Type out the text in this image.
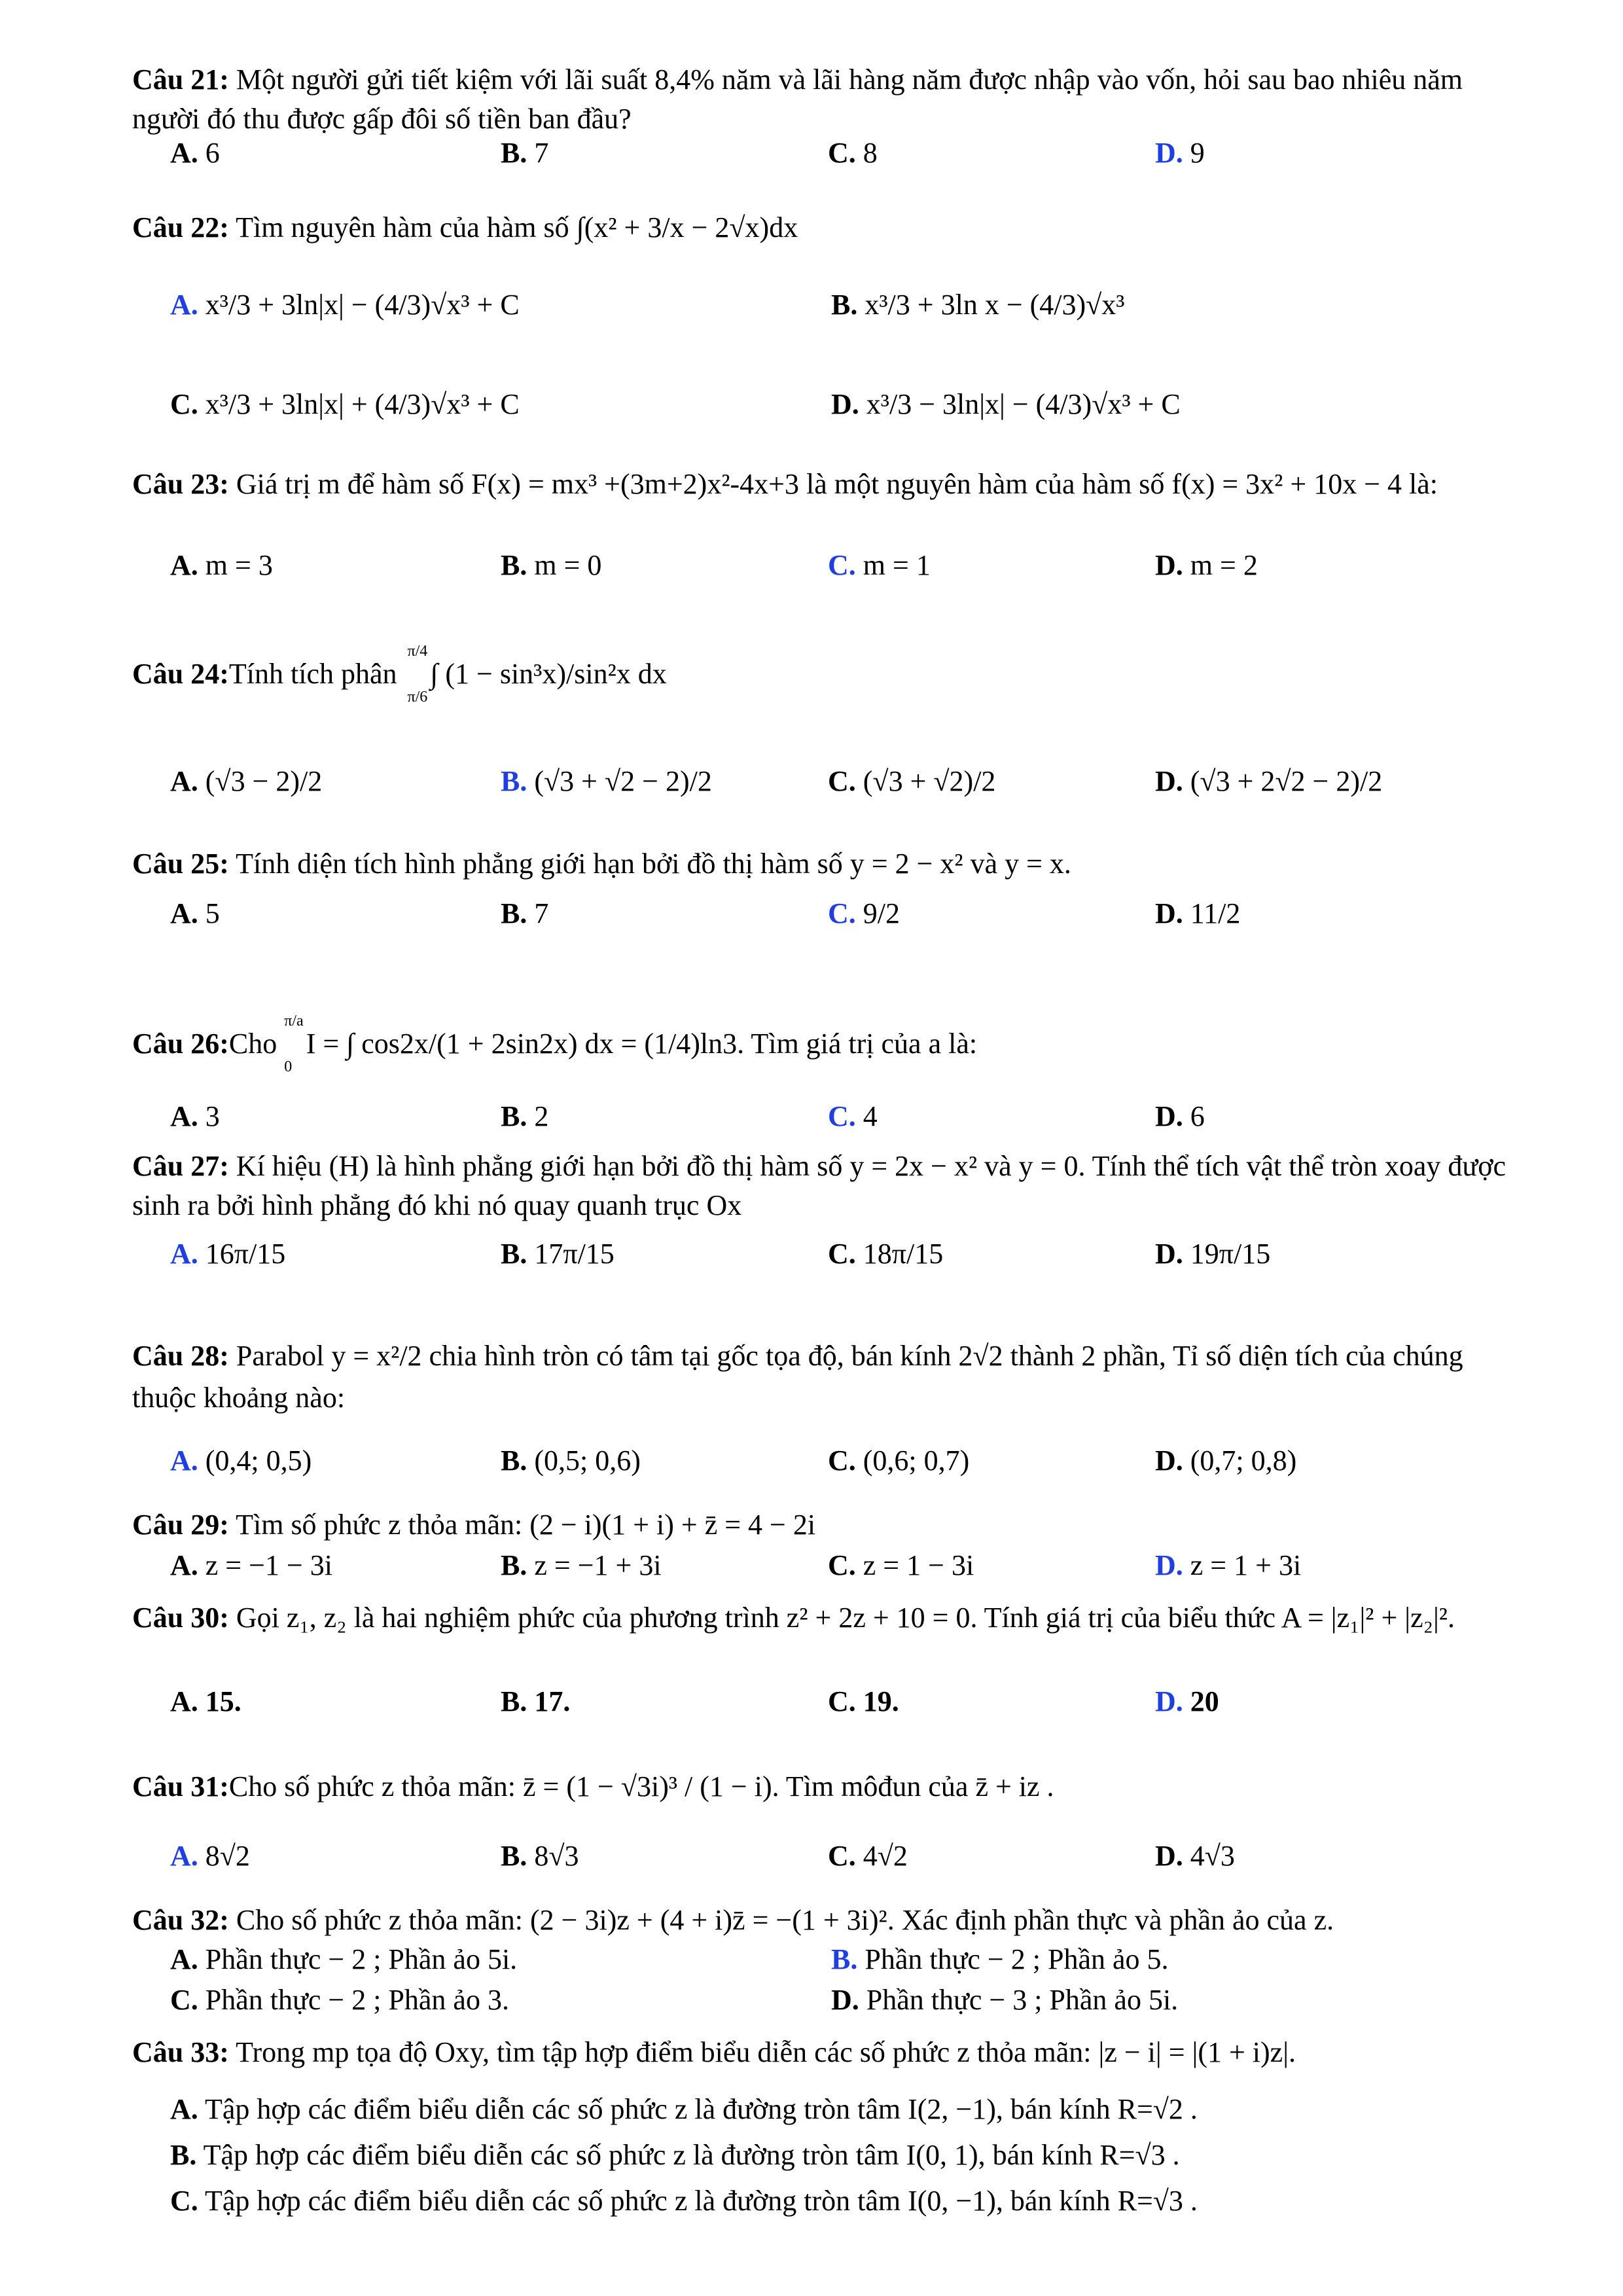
Câu 21: Một người gửi tiết kiệm với lãi suất 8,4% năm và lãi hàng năm được nhập vào vốn, hỏi sau bao nhiêu năm người đó thu được gấp đôi số tiền ban đầu?
A. 6	B. 7	C. 8	D. 9
Câu 22: Tìm nguyên hàm của hàm số ∫(x² + 3/x − 2√x)dx
A. x³/3 + 3ln|x| − (4/3)√x³ + C	B. x³/3 + 3ln x − (4/3)√x³
C. x³/3 + 3ln|x| + (4/3)√x³ + C	D. x³/3 − 3ln|x| − (4/3)√x³ + C
Câu 23: Giá trị m để hàm số F(x) = mx³ +(3m+2)x²-4x+3 là một nguyên hàm của hàm số f(x) = 3x² + 10x − 4 là:
A. m = 3	B. m = 0	C. m = 1	D. m = 2
Câu 24: Tính tích phân
π/4
π/6
∫ (1 − sin³x)/sin²x dx
A. (√3 − 2)/2	B. (√3 + √2 − 2)/2	C. (√3 + √2)/2	D. (√3 + 2√2 − 2)/2
Câu 25: Tính diện tích hình phẳng giới hạn bởi đồ thị hàm số y = 2 − x² và y = x.
A. 5	B. 7	C. 9/2	D. 11/2
Câu 26: Cho

π/a
0
I = ∫ cos2x/(1 + 2sin2x) dx = (1/4)ln3 . Tìm giá trị của a là:
A. 3	B. 2	C. 4	D. 6
Câu 27: Kí hiệu (H) là hình phẳng giới hạn bởi đồ thị hàm số y = 2x − x² và y = 0. Tính thể tích vật thể tròn xoay được sinh ra bởi hình phẳng đó khi nó quay quanh trục Ox
A. 16π/15	B. 17π/15	C. 18π/15	D. 19π/15
Câu 28: Parabol y = x²/2 chia hình tròn có tâm tại gốc tọa độ, bán kính 2√2 thành 2 phần, Tỉ số diện tích của chúng thuộc khoảng nào:
A. (0,4; 0,5)	B. (0,5; 0,6)	C. (0,6; 0,7)	D. (0,7; 0,8)
Câu 29: Tìm số phức z thỏa mãn: (2 − i)(1 + i) + z̄ = 4 − 2i
A. z = −1 − 3i	B. z = −1 + 3i	C. z = 1 − 3i	D. z = 1 + 3i
Câu 30: Gọi z₁, z₂ là hai nghiệm phức của phương trình z² + 2z + 10 = 0. Tính giá trị của biểu thức A = |z₁|² + |z₂|².
A. 15.	B. 17.	C. 19.	D. 20
Câu 31: Cho số phức z thỏa mãn:
z̄ = (1 − √3i)³ / (1 − i) . Tìm môđun của z̄ + iz .
A. 8√2	B. 8√3	C. 4√2	D. 4√3
Câu 32: Cho số phức z thỏa mãn: (2 − 3i)z + (4 + i)z̄ = −(1 + 3i)². Xác định phần thực và phần ảo của z.
A. Phần thực − 2 ; Phần ảo 5i.	B. Phần thực − 2 ; Phần ảo 5.
C. Phần thực − 2 ; Phần ảo 3.	D. Phần thực − 3 ; Phần ảo 5i.
Câu 33: Trong mp tọa độ Oxy, tìm tập hợp điểm biểu diễn các số phức z thỏa mãn: |z − i| = |(1 + i)z|.
A. Tập hợp các điểm biểu diễn các số phức z là đường tròn tâm I(2, −1), bán kính R=√2 .
B. Tập hợp các điểm biểu diễn các số phức z là đường tròn tâm I(0, 1), bán kính R=√3 .
C. Tập hợp các điểm biểu diễn các số phức z là đường tròn tâm I(0, −1), bán kính R=√3 .
